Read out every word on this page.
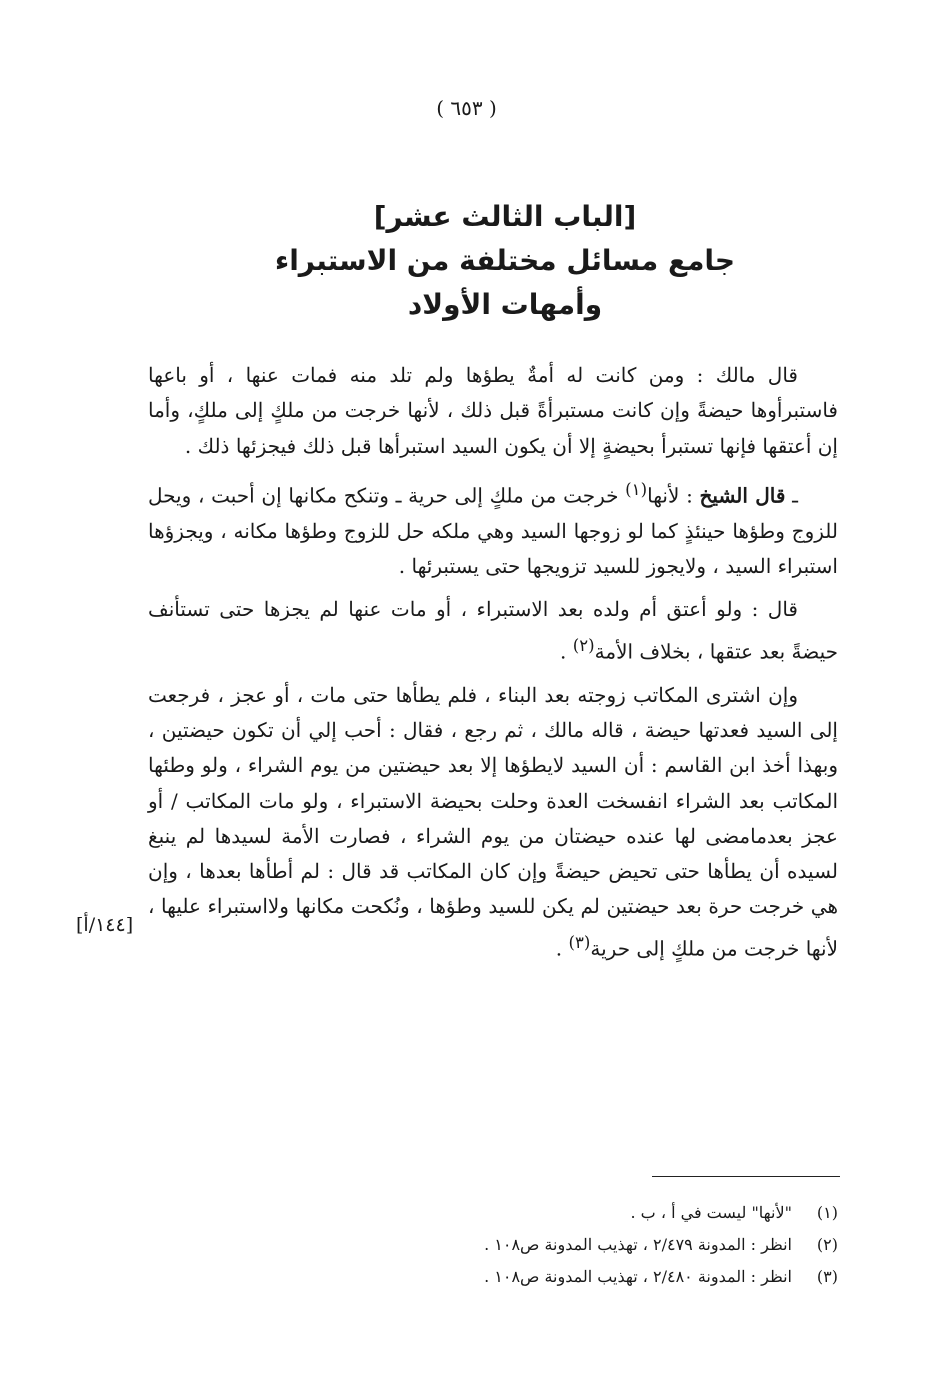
( ٦٥٣ )
[الباب الثالث عشر]
جامع مسائل مختلفة من الاستبراء
وأمهات الأولاد

قال مالك : ومن كانت له أمةٌ يطؤها ولم تلد منه فمات عنها ، أو باعها فاستبرأوها حيضةً وإن كانت مستبرأةً قبل ذلك ، لأنها خرجت من ملكٍ إلى ملكٍ، وأما إن أعتقها فإنها تستبرأ بحيضةٍ إلا أن يكون السيد استبرأها قبل ذلك فيجزئها ذلك .

ـ قال الشيخ : لأنها$^{(١)}$ خرجت من ملكٍ إلى حرية ـ وتنكح مكانها إن أحبت ، ويحل للزوج وطؤها حينئذٍ كما لو زوجها السيد وهي ملكه حل للزوج وطؤها مكانه ، ويجزؤها استبراء السيد ، ولايجوز للسيد تزويجها حتى يستبرئها .

قال : ولو أعتق أم ولده بعد الاستبراء ، أو مات عنها لم يجزها حتى تستأنف حيضةً بعد عتقها ، بخلاف الأمة$^{(٢)}$ .

وإن اشترى المكاتب زوجته بعد البناء ، فلم يطأها حتى مات ، أو عجز ، فرجعت إلى السيد فعدتها حيضة ، قاله مالك ، ثم رجع ، فقال : أحب إلي أن تكون حيضتين ، وبهذا أخذ ابن القاسم : أن السيد لايطؤها إلا بعد حيضتين من يوم الشراء ، ولو وطئها المكاتب بعد الشراء انفسخت العدة وحلت بحيضة الاستبراء ، ولو مات المكاتب / أو عجز بعدمامضى لها عنده حيضتان من يوم الشراء ، فصارت الأمة لسيدها لم ينبغ لسيده أن يطأها حتى تحيض حيضةً وإن كان المكاتب قد قال : لم أطأها بعدها ، وإن هي خرجت حرة بعد حيضتين لم يكن للسيد وطؤها ، ونُكحت مكانها ولااستبراء عليها ، لأنها خرجت من ملكٍ إلى حرية$^{(٣)}$ .

[١٤٤/أ]
(١)"لأنها" ليست في أ ، ب .
(٢)انظر : المدونة ٢/٤٧٩ ، تهذيب المدونة ص١٠٨ .
(٣)انظر : المدونة ٢/٤٨٠ ، تهذيب المدونة ص١٠٨ .
